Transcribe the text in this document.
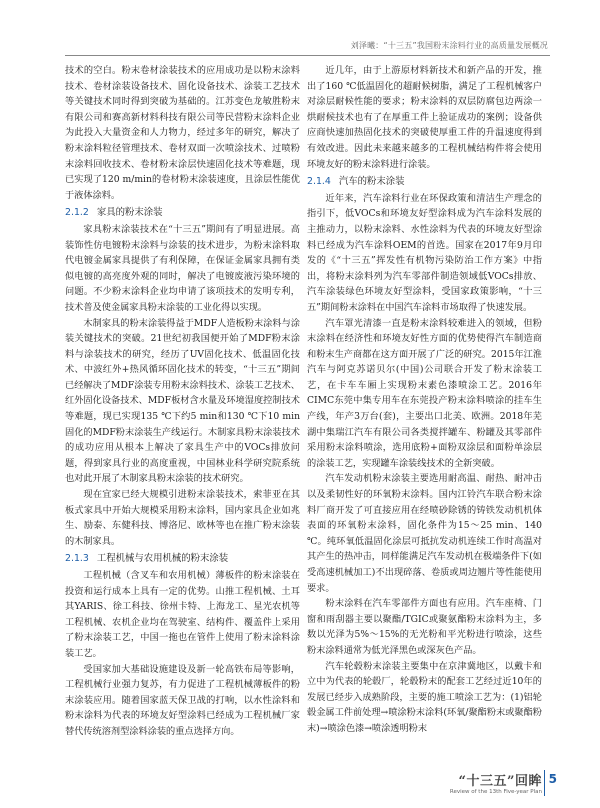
刘泽曦：“十三五”我国粉末涂料行业的高质量发展概况

技术的空白。粉末卷材涂装技术的应用成功是以粉末涂料技术、卷材涂装设备技术、固化设备技术、涂装工艺技术等关键技术同时得到突破为基础的。江苏变色龙敏胜粉末有限公司和赛高新材料科技有限公司等民营粉末涂料企业为此投入大量资金和人力物力，经过多年的研究，解决了粉末涂料粒径管理技术、卷材双面一次喷涂技术、过喷粉末涂料回收技术、卷材粉末涂层快速固化技术等难题，现已实现了120 m/min的卷材粉末涂装速度，且涂层性能优于液体涂料。

2.1.2 家具的粉末涂装

家具粉末涂装技术在“十三五”期间有了明显进展。高装饰性仿电镀粉末涂料与涂装的技术进步，为粉末涂料取代电镀金属家具提供了有利保障，在保证金属家具拥有类似电镀的高亮度外观的同时，解决了电镀废液污染环境的问题。不少粉末涂料企业均申请了该项技术的发明专利，技术普及使金属家具粉末涂装的工业化得以实现。

木制家具的粉末涂装得益于MDF人造板粉末涂料与涂装关键技术的突破。21世纪初我国便开始了MDF粉末涂料与涂装技术的研究，经历了UV固化技术、低温固化技术、中波红外+热风循环固化技术的转变，“十三五”期间已经解决了MDF涂装专用粉末涂料技术、涂装工艺技术、红外固化设备技术、MDF板材含水量及环境湿度控制技术等难题，现已实现135 ℃下约5 min和130 ℃下10 min固化的MDF粉末涂装生产线运行。木制家具粉末涂装技术的成功应用从根本上解决了家具生产中的VOCs排放问题，得到家具行业的高度重视，中国林业科学研究院系统也对此开展了木制家具粉末涂装的技术研究。

现在宜家已经大规模引进粉末涂装技术，索菲亚在其板式家具中开始大规模采用粉末涂料，国内家具企业如兆生、励泰、东健科技、博洛尼、欧林等也在推广粉末涂装的木制家具。

2.1.3 工程机械与农用机械的粉末涂装

工程机械（含叉车和农用机械）薄板件的粉末涂装在投资和运行成本上具有一定的优势。山推工程机械、土耳其YARIS、徐工科技、徐州卡特、上海龙工、星光农机等工程机械、农机企业均在驾驶室、结构件、覆盖件上采用了粉末涂装工艺，中国一拖也在管件上使用了粉末涂料涂装工艺。

受国家加大基础设施建设及新一轮高铁布局等影响，工程机械行业强力复苏，有力促进了工程机械薄板件的粉末涂装应用。随着国家蓝天保卫战的打响，以水性涂料和粉末涂料为代表的环境友好型涂料已经成为工程机械厂家替代传统溶剂型涂料涂装的重点选择方向。

近几年，由于上游原材料新技术和新产品的开发，推出了160 ℃低温固化的超耐候树脂，满足了工程机械客户对涂层耐候性能的要求；粉末涂料的双层防腐包边两涂一烘耐候技术也有了在厚重工件上验证成功的案例；设备供应商快速加热固化技术的突破使厚重工件的升温速度得到有效改进。因此未来越来越多的工程机械结构件将会使用环境友好的粉末涂料进行涂装。

2.1.4 汽车的粉末涂装

近年来，汽车涂料行业在环保政策和清洁生产理念的指引下，低VOCs和环境友好型涂料成为汽车涂料发展的主推动力，以粉末涂料、水性涂料为代表的环境友好型涂料已经成为汽车涂料OEM的首选。国家在2017年9月印发的《“十三五”挥发性有机物污染防治工作方案》中指出，将粉末涂料列为汽车零部件制造领域低VOCs排放、汽车涂装绿色环境友好型涂料，受国家政策影响，“十三五”期间粉末涂料在中国汽车涂料市场取得了快速发展。

汽车罩光清漆一直是粉末涂料较难进入的领域，但粉末涂料在经济性和环境友好性方面的优势使得汽车制造商和粉末生产商都在这方面开展了广泛的研究。2015年江淮汽车与阿克苏诺贝尔(中国)公司联合开发了粉末涂装工艺，在卡车车厢上实现粉末素色漆喷涂工艺。2016年CIMC东莞中集专用车在东莞投产粉末涂料喷涂的挂车生产线，年产3万台(套)，主要出口北美、欧洲。2018年芜湖中集瑞江汽车有限公司各类搅拌罐车、粉罐及其零部件采用粉末涂料喷涂，选用底粉+面粉双涂层和面粉单涂层的涂装工艺，实现罐车涂装线技术的全新突破。

汽车发动机粉末涂装主要选用耐高温、耐热、耐冲击以及柔韧性好的环氧粉末涂料。国内江铃汽车联合粉末涂料厂商开发了可直接应用在经喷砂除锈的铸铁发动机机体表面的环氧粉末涂料，固化条件为15～25 min、140 ℃。纯环氧低温固化涂层可抵抗发动机连续工作时高温对其产生的热冲击，同样能满足汽车发动机在极端条件下(如受高速机械加工)不出现碎落、卷质或周边翘片等性能使用要求。

粉末涂料在汽车零部件方面也有应用。汽车座椅、门窗和雨刮器主要以聚酯/TGIC或聚氨酯粉末涂料为主，多数以光泽为5%～15%的无光粉和平光粉进行喷涂，这些粉末涂料通常为低光泽黑色或深灰色产品。

汽车轮毂粉末涂装主要集中在京津冀地区，以戴卡和立中为代表的轮毂厂，轮毂粉末的配套工艺经过近10年的发展已经步入成熟阶段，主要的施工喷涂工艺为：(1)铝轮毂金属工件前处理→喷涂粉末涂料(环氧/聚酯粉末或聚酯粉末)→喷涂色漆→喷涂透明粉末

“十三五”回眸
Review of the 13th Five-year Plan
5
